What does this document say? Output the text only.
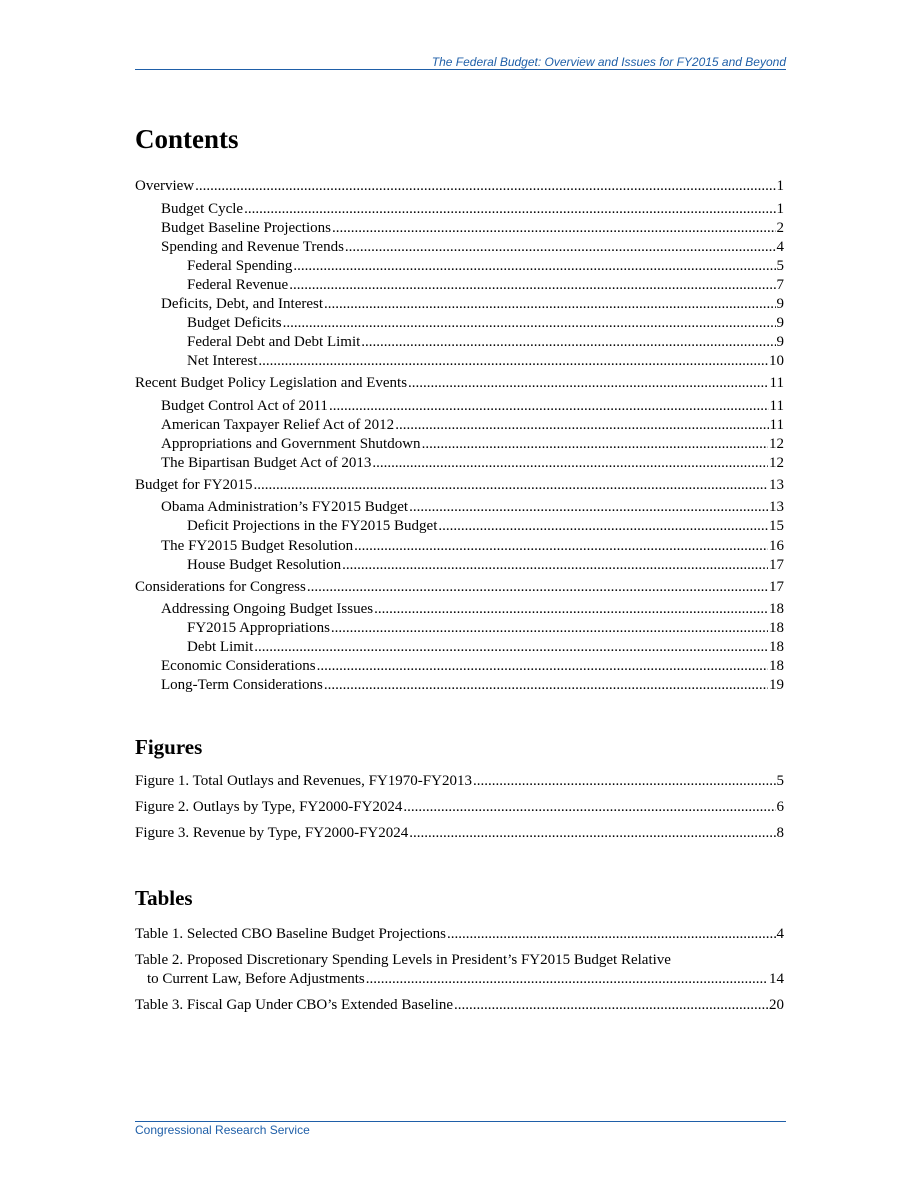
The Federal Budget: Overview and Issues for FY2015 and Beyond
Contents
Overview .....	1
Budget Cycle .....	1
Budget Baseline Projections .....	2
Spending and Revenue Trends .....	4
Federal Spending .....	5
Federal Revenue .....	7
Deficits, Debt, and Interest .....	9
Budget Deficits .....	9
Federal Debt and Debt Limit .....	9
Net Interest .....	10
Recent Budget Policy Legislation and Events .....	11
Budget Control Act of 2011 .....	11
American Taxpayer Relief Act of 2012 .....	11
Appropriations and Government Shutdown .....	12
The Bipartisan Budget Act of 2013 .....	12
Budget for FY2015 .....	13
Obama Administration’s FY2015 Budget .....	13
Deficit Projections in the FY2015 Budget .....	15
The FY2015 Budget Resolution .....	16
House Budget Resolution .....	17
Considerations for Congress .....	17
Addressing Ongoing Budget Issues .....	18
FY2015 Appropriations .....	18
Debt Limit .....	18
Economic Considerations .....	18
Long-Term Considerations .....	19
Figures
Figure 1. Total Outlays and Revenues, FY1970-FY2013 .....	5
Figure 2. Outlays by Type, FY2000-FY2024 .....	6
Figure 3. Revenue by Type, FY2000-FY2024 .....	8
Tables
Table 1. Selected CBO Baseline Budget Projections .....	4
Table 2. Proposed Discretionary Spending Levels in President’s FY2015 Budget Relative
to Current Law, Before Adjustments .....	14
Table 3. Fiscal Gap Under CBO’s Extended Baseline .....	20
Congressional Research Service
